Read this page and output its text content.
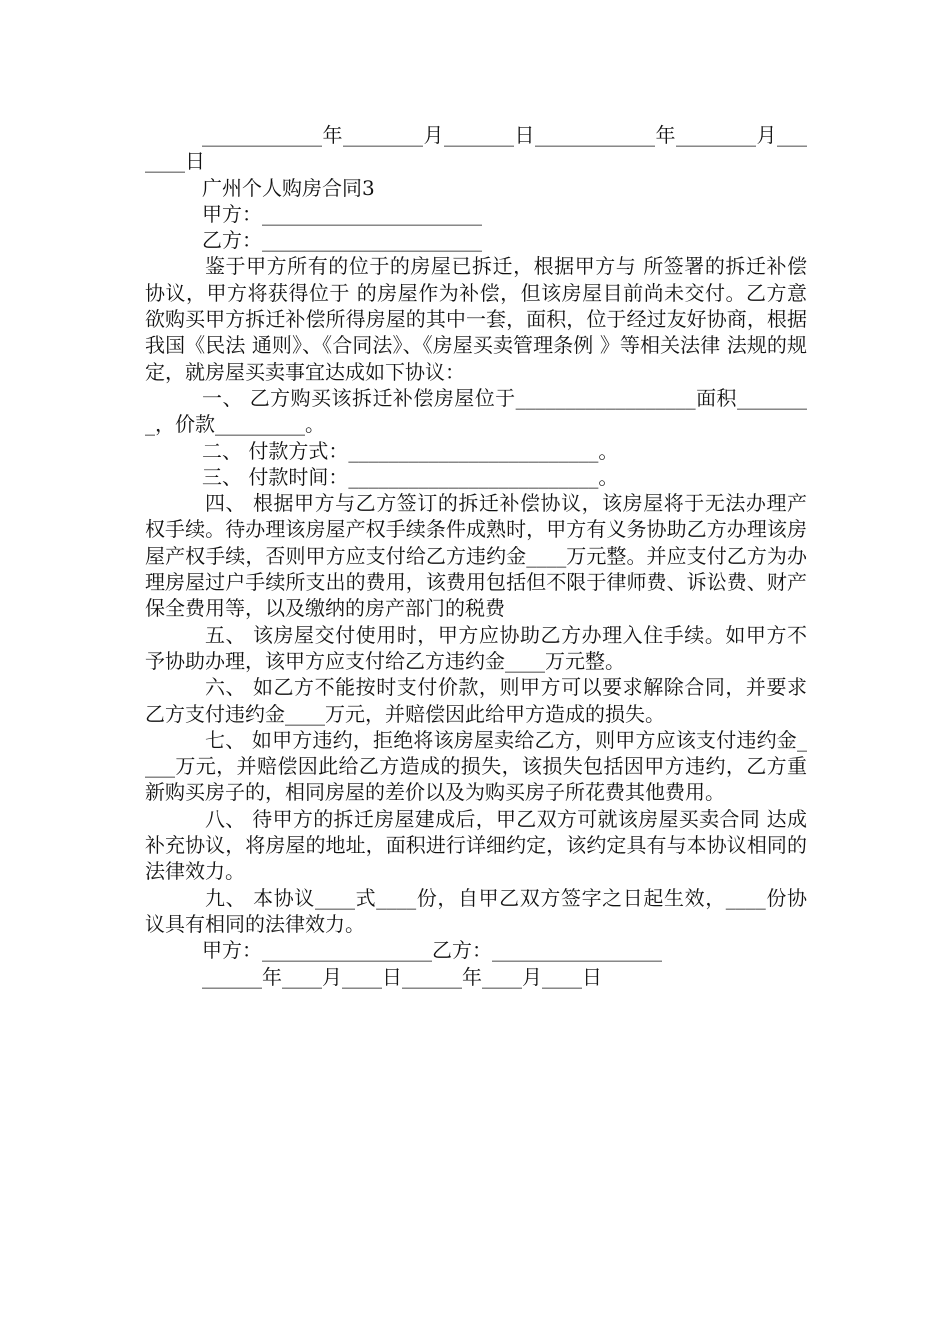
____________年________月_______日____________年________月_______日

广州个人购房合同3

甲方：______________________

乙方：______________________

鉴于甲方所有的位于的房屋已拆迁，根据甲方与 所签署的拆迁补偿协议，甲方将获得位于 的房屋作为补偿，但该房屋目前尚未交付。乙方意欲购买甲方拆迁补偿所得房屋的其中一套，面积，位于经过友好协商，根据我国《民法 通则》、《合同法》、《房屋买卖管理条例 》等相关法律 法规的规定，就房屋买卖事宜达成如下协议：

一、 乙方购买该拆迁补偿房屋位于__________________面积________，价款_________。

二、 付款方式：_________________________。

三、 付款时间：_________________________。

四、 根据甲方与乙方签订的拆迁补偿协议，该房屋将于无法办理产权手续。待办理该房屋产权手续条件成熟时，甲方有义务协助乙方办理该房屋产权手续，否则甲方应支付给乙方违约金____万元整。并应支付乙方为办理房屋过户手续所支出的费用，该费用包括但不限于律师费、诉讼费、财产保全费用等，以及缴纳的房产部门的税费

五、 该房屋交付使用时，甲方应协助乙方办理入住手续。如甲方不予协助办理，该甲方应支付给乙方违约金____万元整。

六、 如乙方不能按时支付价款，则甲方可以要求解除合同，并要求乙方支付违约金____万元，并赔偿因此给甲方造成的损失。

七、 如甲方违约，拒绝将该房屋卖给乙方，则甲方应该支付违约金____万元，并赔偿因此给乙方造成的损失，该损失包括因甲方违约，乙方重新购买房子的，相同房屋的差价以及为购买房子所花费其他费用。

八、 待甲方的拆迁房屋建成后，甲乙双方可就该房屋买卖合同 达成补充协议，将房屋的地址，面积进行详细约定，该约定具有与本协议相同的法律效力。

九、 本协议____式____份，自甲乙双方签字之日起生效，____份协议具有相同的法律效力。

甲方：_________________乙方：_________________

______年____月____日______年____月____日
